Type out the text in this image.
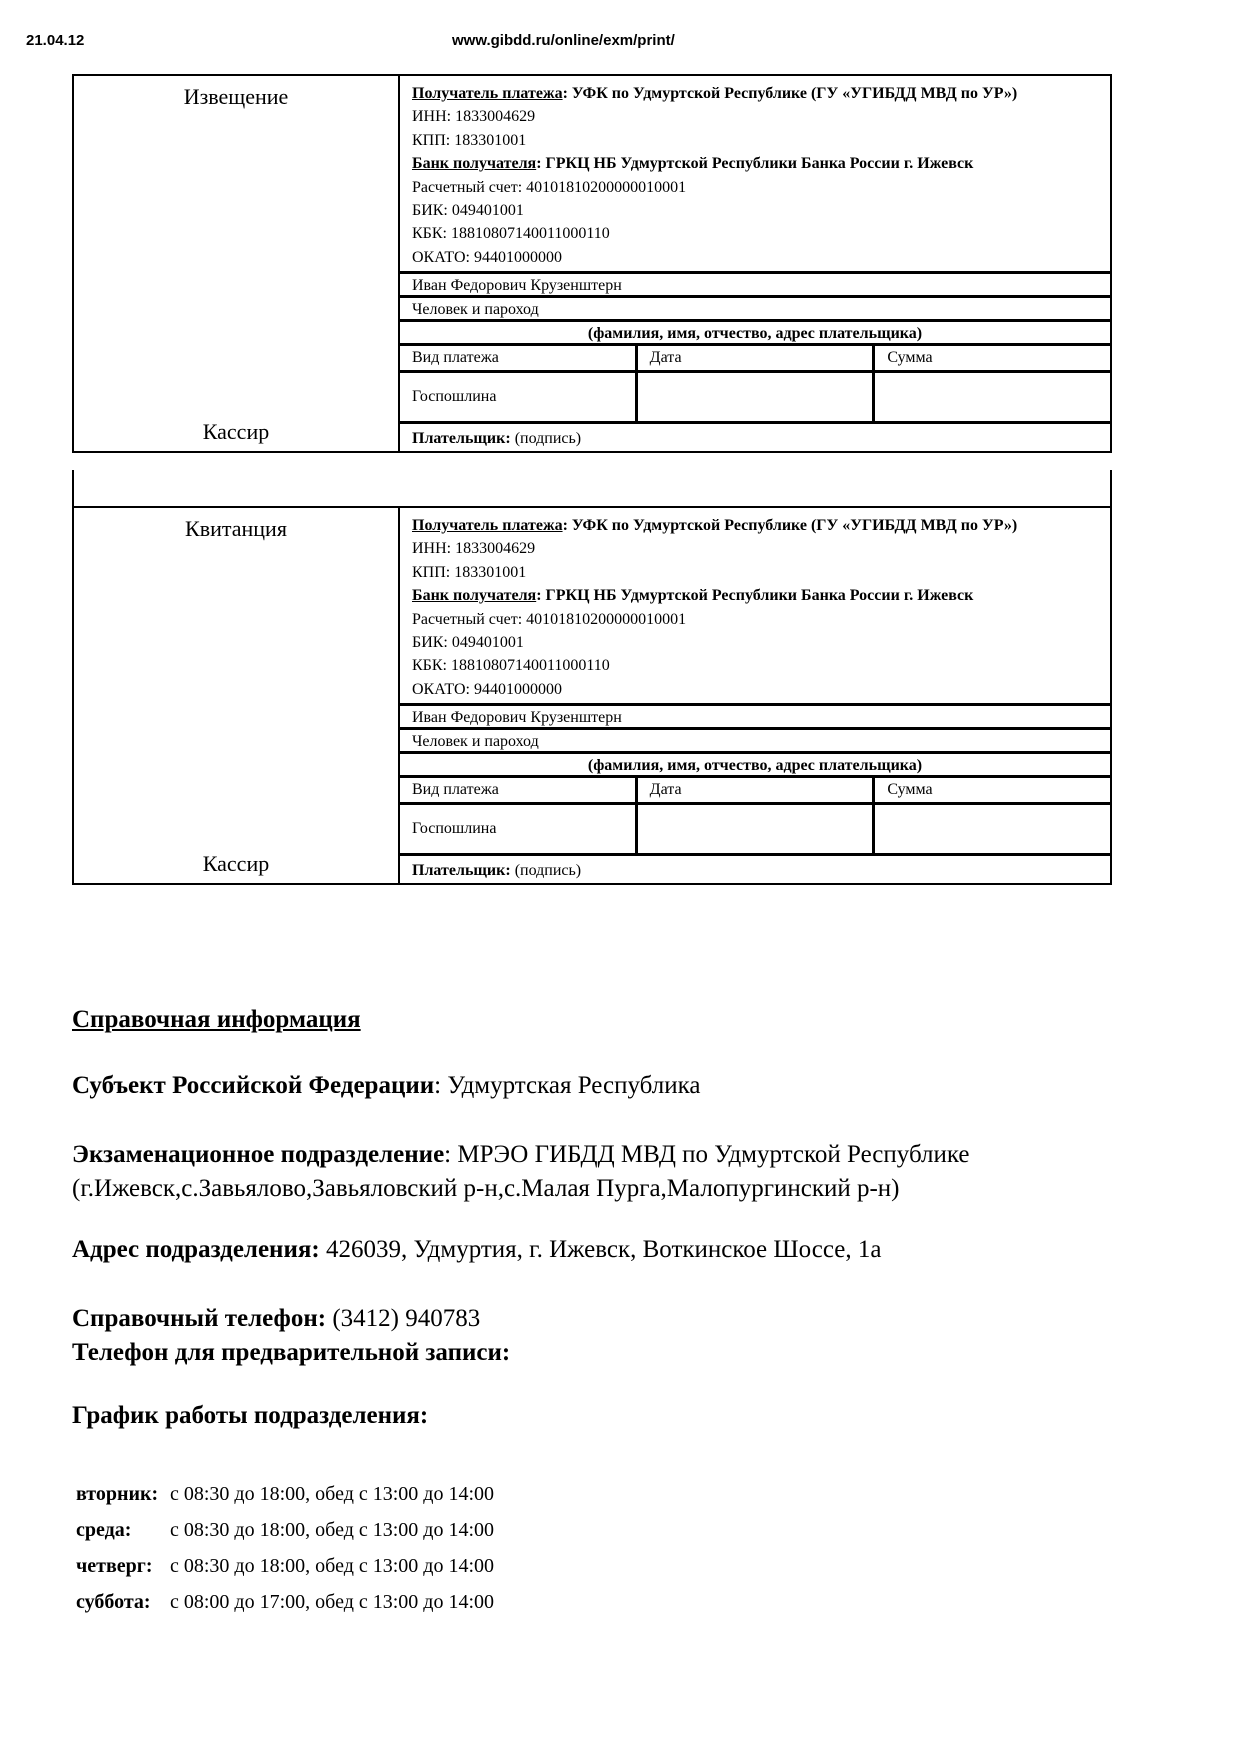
21.04.12	www.gibdd.ru/online/exm/print/
Извещение
Кассир

Получатель платежа: УФК по Удмуртской Республике (ГУ «УГИБДД МВД по УР»)
ИНН: 1833004629
КПП: 183301001
Банк получателя: ГРКЦ НБ Удмуртской Республики Банка России г. Ижевск
Расчетный счет: 40101810200000010001
БИК: 049401001
КБК: 18810807140011000110
ОКАТО: 94401000000
Иван Федорович Крузенштерн
Человек и пароход
(фамилия, имя, отчество, адрес плательщика)
Вид платежа	Дата	Сумма
Госпошлина
Плательщик: (подпись)
Квитанция
Кассир

Получатель платежа: УФК по Удмуртской Республике (ГУ «УГИБДД МВД по УР»)
ИНН: 1833004629
КПП: 183301001
Банк получателя: ГРКЦ НБ Удмуртской Республики Банка России г. Ижевск
Расчетный счет: 40101810200000010001
БИК: 049401001
КБК: 18810807140011000110
ОКАТО: 94401000000
Иван Федорович Крузенштерн
Человек и пароход
(фамилия, имя, отчество, адрес плательщика)
Вид платежа	Дата	Сумма
Госпошлина
Плательщик: (подпись)
Справочная информация
Субъект Российской Федерации: Удмуртская Республика
Экзаменационное подразделение: МРЭО ГИБДД МВД по Удмуртской Республике (г.Ижевск,с.Завьялово,Завьяловский р-н,с.Малая Пурга,Малопургинский р-н)
Адрес подразделения: 426039, Удмуртия, г. Ижевск, Воткинское Шоссе, 1а
Справочный телефон: (3412) 940783
Телефон для предварительной записи:
График работы подразделения:
вторник:	с 08:30 до 18:00, обед с 13:00 до 14:00
среда:	с 08:30 до 18:00, обед с 13:00 до 14:00
четверг:	с 08:30 до 18:00, обед с 13:00 до 14:00
суббота:	с 08:00 до 17:00, обед с 13:00 до 14:00
